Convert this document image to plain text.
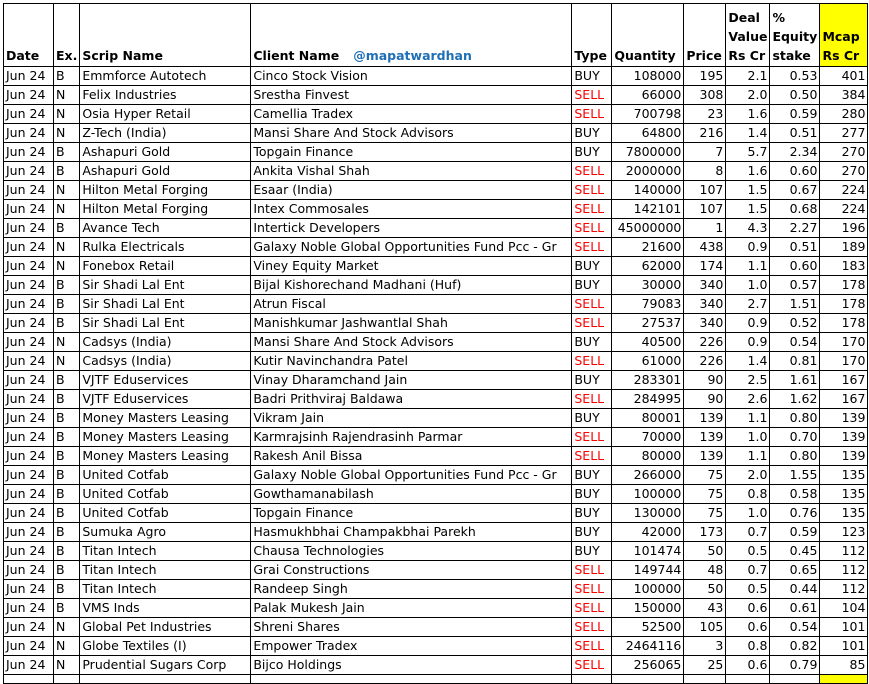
Date	Ex.	Scrip Name	Client Name @mapatwardhan	Type	Quantity	Price	Deal Value Rs Cr	% Equity stake	Mcap Rs Cr
Jun 24	B	Emmforce Autotech	Cinco Stock Vision	BUY	108000	195	2.1	0.53	401
Jun 24	N	Felix Industries	Srestha Finvest	SELL	66000	308	2.0	0.50	384
Jun 24	N	Osia Hyper Retail	Camellia Tradex	SELL	700798	23	1.6	0.59	280
Jun 24	N	Z-Tech (India)	Mansi Share And Stock Advisors	BUY	64800	216	1.4	0.51	277
Jun 24	B	Ashapuri Gold	Topgain Finance	BUY	7800000	7	5.7	2.34	270
Jun 24	B	Ashapuri Gold	Ankita Vishal Shah	SELL	2000000	8	1.6	0.60	270
Jun 24	N	Hilton Metal Forging	Esaar (India)	SELL	140000	107	1.5	0.67	224
Jun 24	N	Hilton Metal Forging	Intex Commosales	SELL	142101	107	1.5	0.68	224
Jun 24	B	Avance Tech	Intertick Developers	SELL	45000000	1	4.3	2.27	196
Jun 24	N	Rulka Electricals	Galaxy Noble Global Opportunities Fund Pcc - Gr	SELL	21600	438	0.9	0.51	189
Jun 24	N	Fonebox Retail	Viney Equity Market	BUY	62000	174	1.1	0.60	183
Jun 24	B	Sir Shadi Lal Ent	Bijal Kishorechand Madhani (Huf)	BUY	30000	340	1.0	0.57	178
Jun 24	B	Sir Shadi Lal Ent	Atrun Fiscal	SELL	79083	340	2.7	1.51	178
Jun 24	B	Sir Shadi Lal Ent	Manishkumar Jashwantlal Shah	SELL	27537	340	0.9	0.52	178
Jun 24	N	Cadsys (India)	Mansi Share And Stock Advisors	BUY	40500	226	0.9	0.54	170
Jun 24	N	Cadsys (India)	Kutir Navinchandra Patel	SELL	61000	226	1.4	0.81	170
Jun 24	B	VJTF Eduservices	Vinay Dharamchand Jain	BUY	283301	90	2.5	1.61	167
Jun 24	B	VJTF Eduservices	Badri Prithviraj Baldawa	SELL	284995	90	2.6	1.62	167
Jun 24	B	Money Masters Leasing	Vikram Jain	BUY	80001	139	1.1	0.80	139
Jun 24	B	Money Masters Leasing	Karmrajsinh Rajendrasinh Parmar	SELL	70000	139	1.0	0.70	139
Jun 24	B	Money Masters Leasing	Rakesh Anil Bissa	SELL	80000	139	1.1	0.80	139
Jun 24	B	United Cotfab	Galaxy Noble Global Opportunities Fund Pcc - Gr	BUY	266000	75	2.0	1.55	135
Jun 24	B	United Cotfab	Gowthamanabilash	BUY	100000	75	0.8	0.58	135
Jun 24	B	United Cotfab	Topgain Finance	BUY	130000	75	1.0	0.76	135
Jun 24	B	Sumuka Agro	Hasmukhbhai Champakbhai Parekh	BUY	42000	173	0.7	0.59	123
Jun 24	B	Titan Intech	Chausa Technologies	BUY	101474	50	0.5	0.45	112
Jun 24	B	Titan Intech	Grai Constructions	SELL	149744	48	0.7	0.65	112
Jun 24	B	Titan Intech	Randeep Singh	SELL	100000	50	0.5	0.44	112
Jun 24	B	VMS Inds	Palak Mukesh Jain	SELL	150000	43	0.6	0.61	104
Jun 24	N	Global Pet Industries	Shreni Shares	SELL	52500	105	0.6	0.54	101
Jun 24	N	Globe Textiles (I)	Empower Tradex	SELL	2464116	3	0.8	0.82	101
Jun 24	N	Prudential Sugars Corp	Bijco Holdings	SELL	256065	25	0.6	0.79	85
